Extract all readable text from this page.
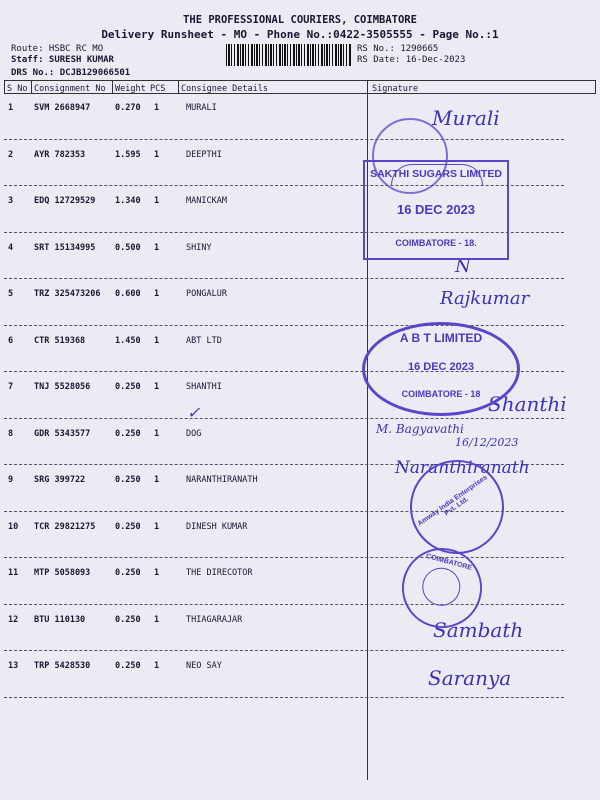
THE PROFESSIONAL COURIERS, COIMBATORE
Delivery Runsheet - MO - Phone No.:0422-3505555 - Page No.:1
Route: HSBC RC MO
Staff: SURESH KUMAR
DRS No.: DCJB129066501
RS No.: 1290665
RS Date: 16-Dec-2023
S No Consignment No Weight PCS Consignee Details	Signature
1 SVM 2668947	0.270 1	MURALI
2 AYR 782353	1.595 1	DEEPTHI
3 EDQ 12729529 1.340 1	MANICKAM
4 SRT 15134995 0.500 1	SHINY
5 TRZ 325473206 0.600 1	PONGALUR
6 CTR 519368	1.450 1	ABT LTD
7 TNJ 5528056	0.250 1	SHANTHI
8 GDR 5343577	0.250 1	DOG
9 SRG 399722	0.250 1	NARANTHIRANATH
10 TCR 29821275 0.250 1	DINESH KUMAR
11 MTP 5058093	0.250 1	THE DIRECOTOR
12 BTU 110130	0.250 1	THIAGARAJAR
13 TRP 5428530	0.250 1	NEO SAY
Murali
N
Rajkumar
Shanthi
M. Bagyavathi
16/12/2023
Naranthiranath
Sambath
Saranya
✓
SAKTHI SUGARS LIMITED
16 DEC 2023
COIMBATORE - 18.
A B T LIMITED
16 DEC 2023
COIMBATORE - 18
Amway India Enterprises Pvt. Ltd.
COIMBATORE
